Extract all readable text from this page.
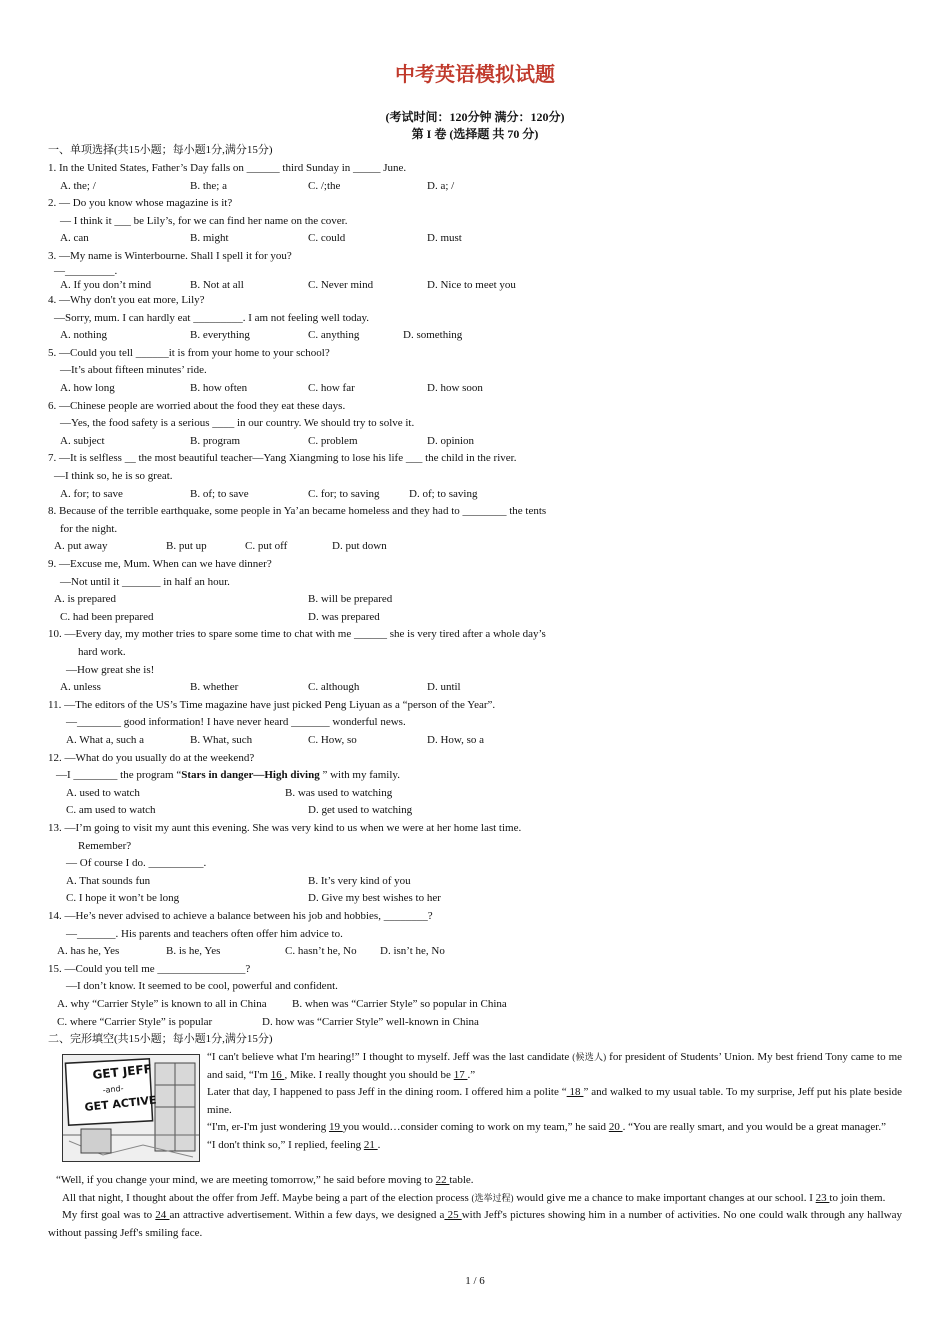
中考英语模拟试题
(考试时间：120分钟 满分：120分)
第 I 卷 (选择题 共 70 分)
一、单项选择(共15小题；每小题1分,满分15分)
1. In the United States, Father’s Day falls on ______ third Sunday in _____ June.
A. the; /	B. the; a	C. /;the	D. a; /
2. — Do you know whose magazine is it?
— I think it ___ be Lily’s, for we can find her name on the cover.
A. can	B. might	C. could	D. must
3. —My name is Winterbourne. Shall I spell it for you?
—_________.
A. If you don’t mind	B. Not at all	C. Never mind	D. Nice to meet you
4. —Why don't you eat more, Lily?
—Sorry, mum. I can hardly eat _________. I am not feeling well today.
A. nothing	B. everything	C. anything	D. something
5. —Could you tell ______it is from your home to your school?
—It’s about fifteen minutes’ ride.
A. how long	B. how often	C. how far	D. how soon
6. —Chinese people are worried about the food they eat these days.
—Yes, the food safety is a serious ____ in our country. We should try to solve it.
A. subject	B. program	C. problem	D. opinion
7. —It is selfless __ the most beautiful teacher—Yang Xiangming to lose his life ___ the child in the river.
—I think so, he is so great.
A. for; to save	B. of; to save	C. for; to saving	D. of; to saving
8. Because of the terrible earthquake, some people in Ya’an became homeless and they had to ________ the tents
for the night.
A. put away	B. put up	C. put off	D. put down
9. —Excuse me, Mum. When can we have dinner?
—Not until it _______ in half an hour.
A. is prepared	B. will be prepared
C. had been prepared	D. was prepared
10. —Every day, my mother tries to spare some time to chat with me ______ she is very tired after a whole day’s
hard work.
—How great she is!
A. unless	B. whether	C. although	D. until
11. —The editors of the US’s Time magazine have just picked Peng Liyuan as a “person of the Year”.
—________ good information! I have never heard _______ wonderful news.
A. What a, such a	B. What, such	C. How, so	D. How, so a
12. —What do you usually do at the weekend?
—I ________ the program “Stars in danger—High diving ” with my family.
A. used to watch	B. was used to watching
C. am used to watch	D. get used to watching
13. —I’m going to visit my aunt this evening. She was very kind to us when we were at her home last time.
Remember?
— Of course I do. __________.
A. That sounds fun	B. It’s very kind of you
C. I hope it won’t be long	D. Give my best wishes to her
14. —He’s never advised to achieve a balance between his job and hobbies, ________?
—_______. His parents and teachers often offer him advice to.
A. has he, Yes	B. is he, Yes	C. hasn’t he, No D. isn’t he, No
15. —Could you tell me ________________?
—I don’t know. It seemed to be cool, powerful and confident.
A. why “Carrier Style” is known to all in China B. when was “Carrier Style” so popular in China
C. where “Carrier Style” is popular	D. how was “Carrier Style” well-known in China
二、完形填空(共15小题；每小题1分,满分15分)
GET JEFF
-and-
GET ACTIVE
“I can't believe what I'm hearing!” I thought to myself. Jeff was the last candidate (候选人) for president of Students’ Union. My best friend Tony came to me and said, “I'm 16 , Mike. I really thought you should be 17 .”
Later that day, I happened to pass Jeff in the dining room. I offered him a polite “ 18 ” and walked to my usual table. To my surprise, Jeff put his plate beside mine.
“I'm, er-I'm just wondering 19 you would…consider coming to work on my team,” he said 20 . “You are really smart, and you would be a great manager.”
“I don't think so,” I replied, feeling 21 .
“Well, if you change your mind, we are meeting tomorrow,” he said before moving to 22 table.
All that night, I thought about the offer from Jeff. Maybe being a part of the election process (选举过程) would give me a chance to make important changes at our school. I 23 to join them.
My first goal was to 24 an attractive advertisement. Within a few days, we designed a 25 with Jeff's pictures showing him in a number of activities. No one could walk through any hallway without passing Jeff's smiling face.
1 / 6
